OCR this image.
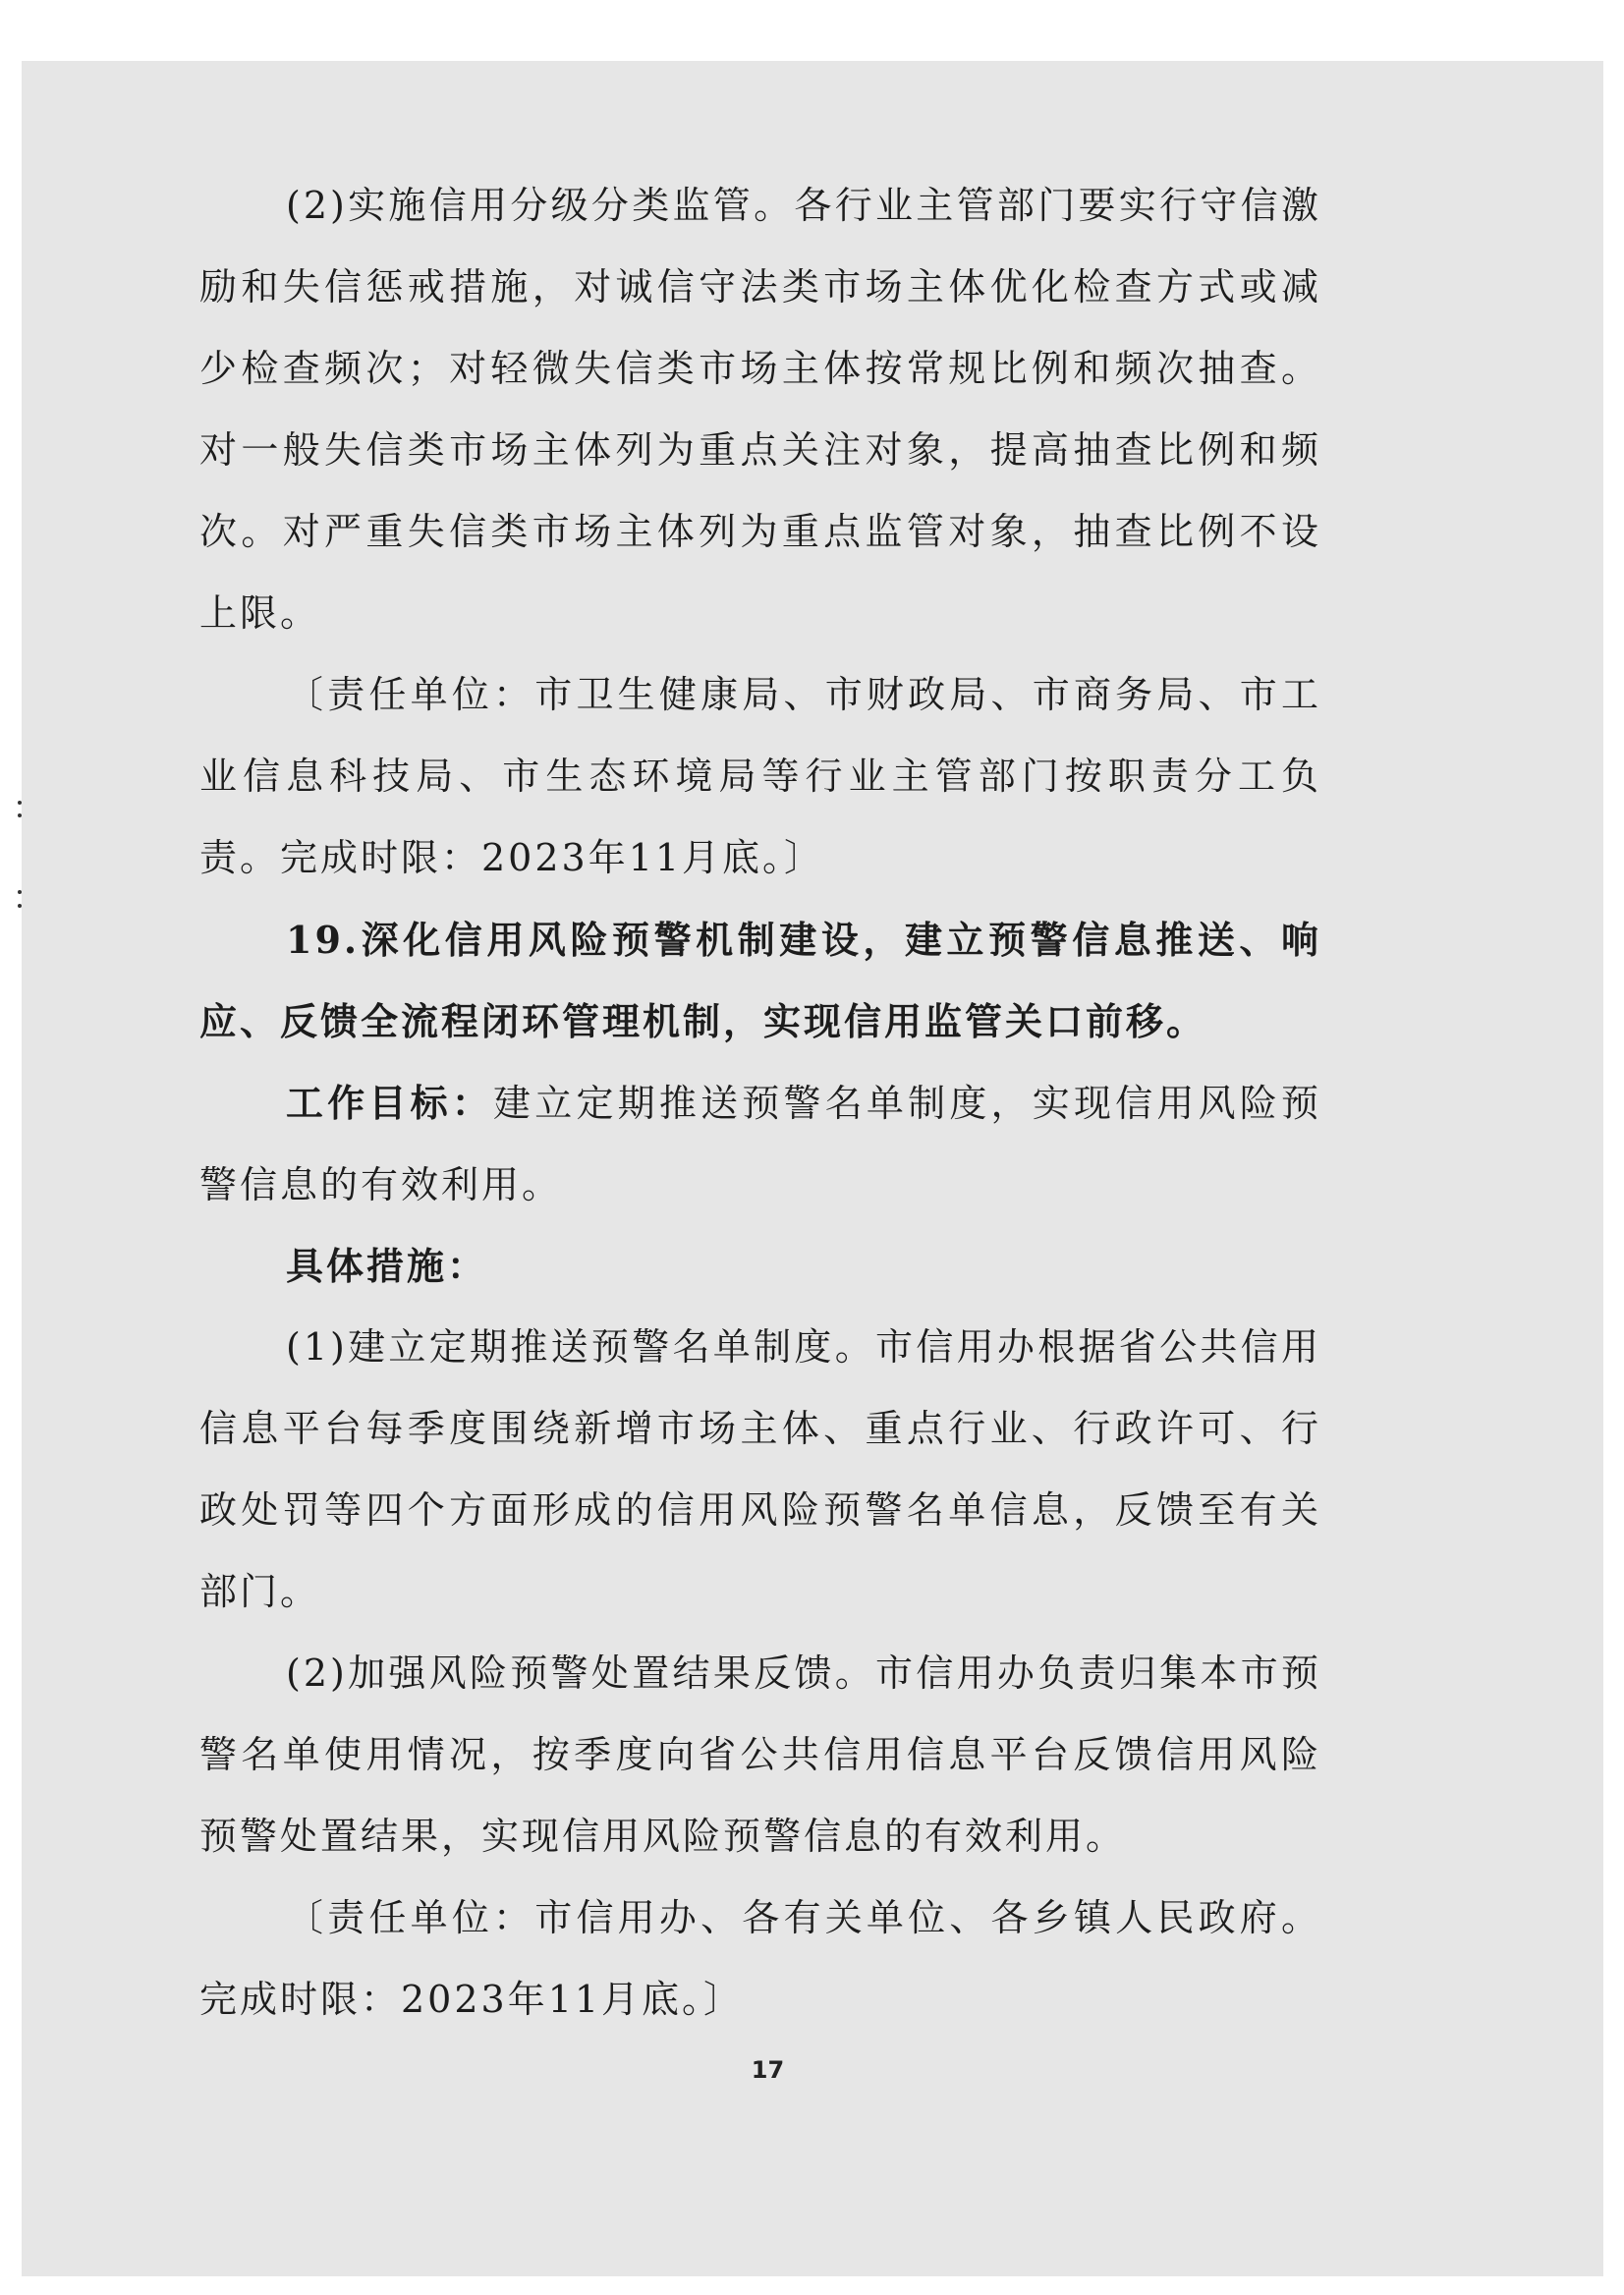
(2)实施信用分级分类监管。各行业主管部门要实行守信激励和失信惩戒措施，对诚信守法类市场主体优化检查方式或减少检查频次；对轻微失信类市场主体按常规比例和频次抽查。对一般失信类市场主体列为重点关注对象，提高抽查比例和频次。对严重失信类市场主体列为重点监管对象，抽查比例不设上限。

〔责任单位：市卫生健康局、市财政局、市商务局、市工业信息科技局、市生态环境局等行业主管部门按职责分工负责。完成时限：2023年11月底。〕

19.深化信用风险预警机制建设，建立预警信息推送、响应、反馈全流程闭环管理机制，实现信用监管关口前移。

工作目标：建立定期推送预警名单制度，实现信用风险预警信息的有效利用。

具体措施：

(1)建立定期推送预警名单制度。市信用办根据省公共信用信息平台每季度围绕新增市场主体、重点行业、行政许可、行政处罚等四个方面形成的信用风险预警名单信息，反馈至有关部门。

(2)加强风险预警处置结果反馈。市信用办负责归集本市预警名单使用情况，按季度向省公共信用信息平台反馈信用风险预警处置结果，实现信用风险预警信息的有效利用。

〔责任单位：市信用办、各有关单位、各乡镇人民政府。完成时限：2023年11月底。〕

17
